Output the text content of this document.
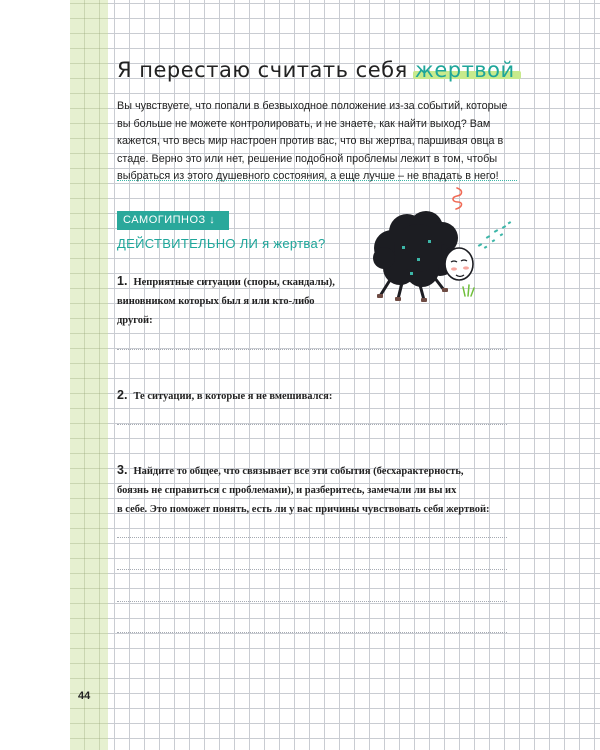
Я перестаю считать себя жертвой

Вы чувствуете, что попали в безвыходное положение из-за событий, которые вы больше не можете контролировать, и не знаете, как найти выход? Вам кажется, что весь мир настроен против вас, что вы жертва, паршивая овца в стаде. Верно это или нет, решение подобной проблемы лежит в том, чтобы выбраться из этого душевного состояния, а еще лучше – не впадать в него!

САМОГИПНОЗ ↓
ДЕЙСТВИТЕЛЬНО ЛИ я жертва?
1. Неприятные ситуации (споры, скандалы),
виновником которых был я или кто-либо
другой:
2. Те ситуации, в которые я не вмешивался:
3. Найдите то общее, что связывает все эти события (бесхарактерность,
боязнь не справиться с проблемами), и разберитесь, замечали ли вы их
в себе. Это поможет понять, есть ли у вас причины чувствовать себя жертвой:
44
